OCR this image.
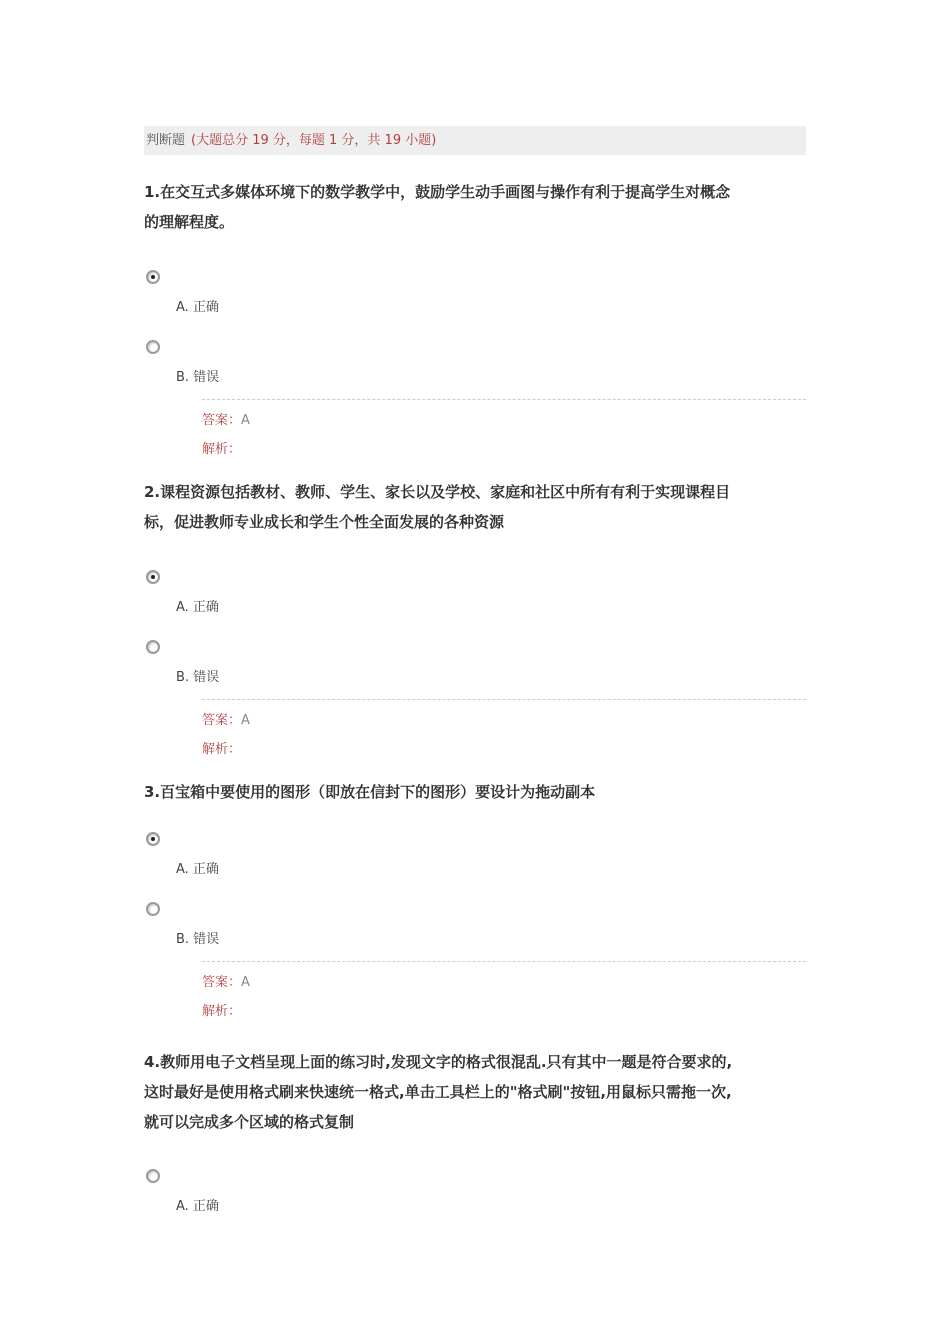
判断题 (大题总分 19 分，每题 1 分，共 19 小题)

1.在交互式多媒体环境下的数学教学中，鼓励学生动手画图与操作有利于提高学生对概念
的理解程度。

A. 正确
B. 错误
答案：A
解析：

2.课程资源包括教材、教师、学生、家长以及学校、家庭和社区中所有有利于实现课程目
标，促进教师专业成长和学生个性全面发展的各种资源

A. 正确
B. 错误
答案：A
解析：

3.百宝箱中要使用的图形（即放在信封下的图形）要设计为拖动副本

A. 正确
B. 错误
答案：A
解析：

4.教师用电子文档呈现上面的练习时,发现文字的格式很混乱.只有其中一题是符合要求的,
这时最好是使用格式刷来快速统一格式,单击工具栏上的"格式刷"按钮,用鼠标只需拖一次,
就可以完成多个区域的格式复制

A. 正确
